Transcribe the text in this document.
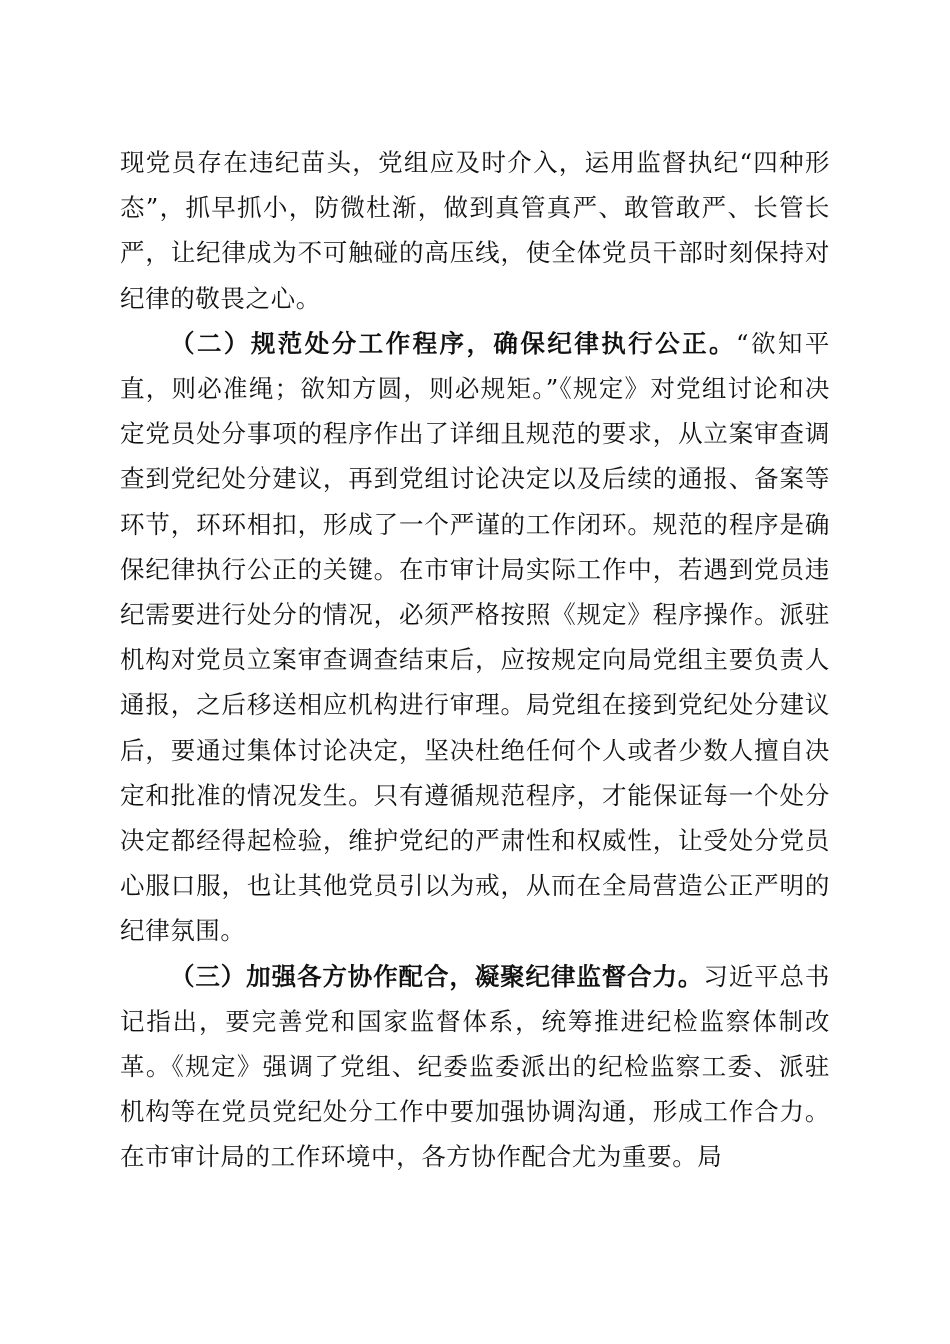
现党员存在违纪苗头，党组应及时介入，运用监督执纪“四种形态”，抓早抓小，防微杜渐，做到真管真严、敢管敢严、长管长严，让纪律成为不可触碰的高压线，使全体党员干部时刻保持对纪律的敬畏之心。

（二）规范处分工作程序，确保纪律执行公正。“欲知平直，则必准绳；欲知方圆，则必规矩。”《规定》对党组讨论和决定党员处分事项的程序作出了详细且规范的要求，从立案审查调查到党纪处分建议，再到党组讨论决定以及后续的通报、备案等环节，环环相扣，形成了一个严谨的工作闭环。规范的程序是确保纪律执行公正的关键。在市审计局实际工作中，若遇到党员违纪需要进行处分的情况，必须严格按照《规定》程序操作。派驻机构对党员立案审查调查结束后，应按规定向局党组主要负责人通报，之后移送相应机构进行审理。局党组在接到党纪处分建议后，要通过集体讨论决定，坚决杜绝任何个人或者少数人擅自决定和批准的情况发生。只有遵循规范程序，才能保证每一个处分决定都经得起检验，维护党纪的严肃性和权威性，让受处分党员心服口服，也让其他党员引以为戒，从而在全局营造公正严明的纪律氛围。

（三）加强各方协作配合，凝聚纪律监督合力。习近平总书记指出，要完善党和国家监督体系，统筹推进纪检监察体制改革。《规定》强调了党组、纪委监委派出的纪检监察工委、派驻机构等在党员党纪处分工作中要加强协调沟通，形成工作合力。在市审计局的工作环境中，各方协作配合尤为重要。局
